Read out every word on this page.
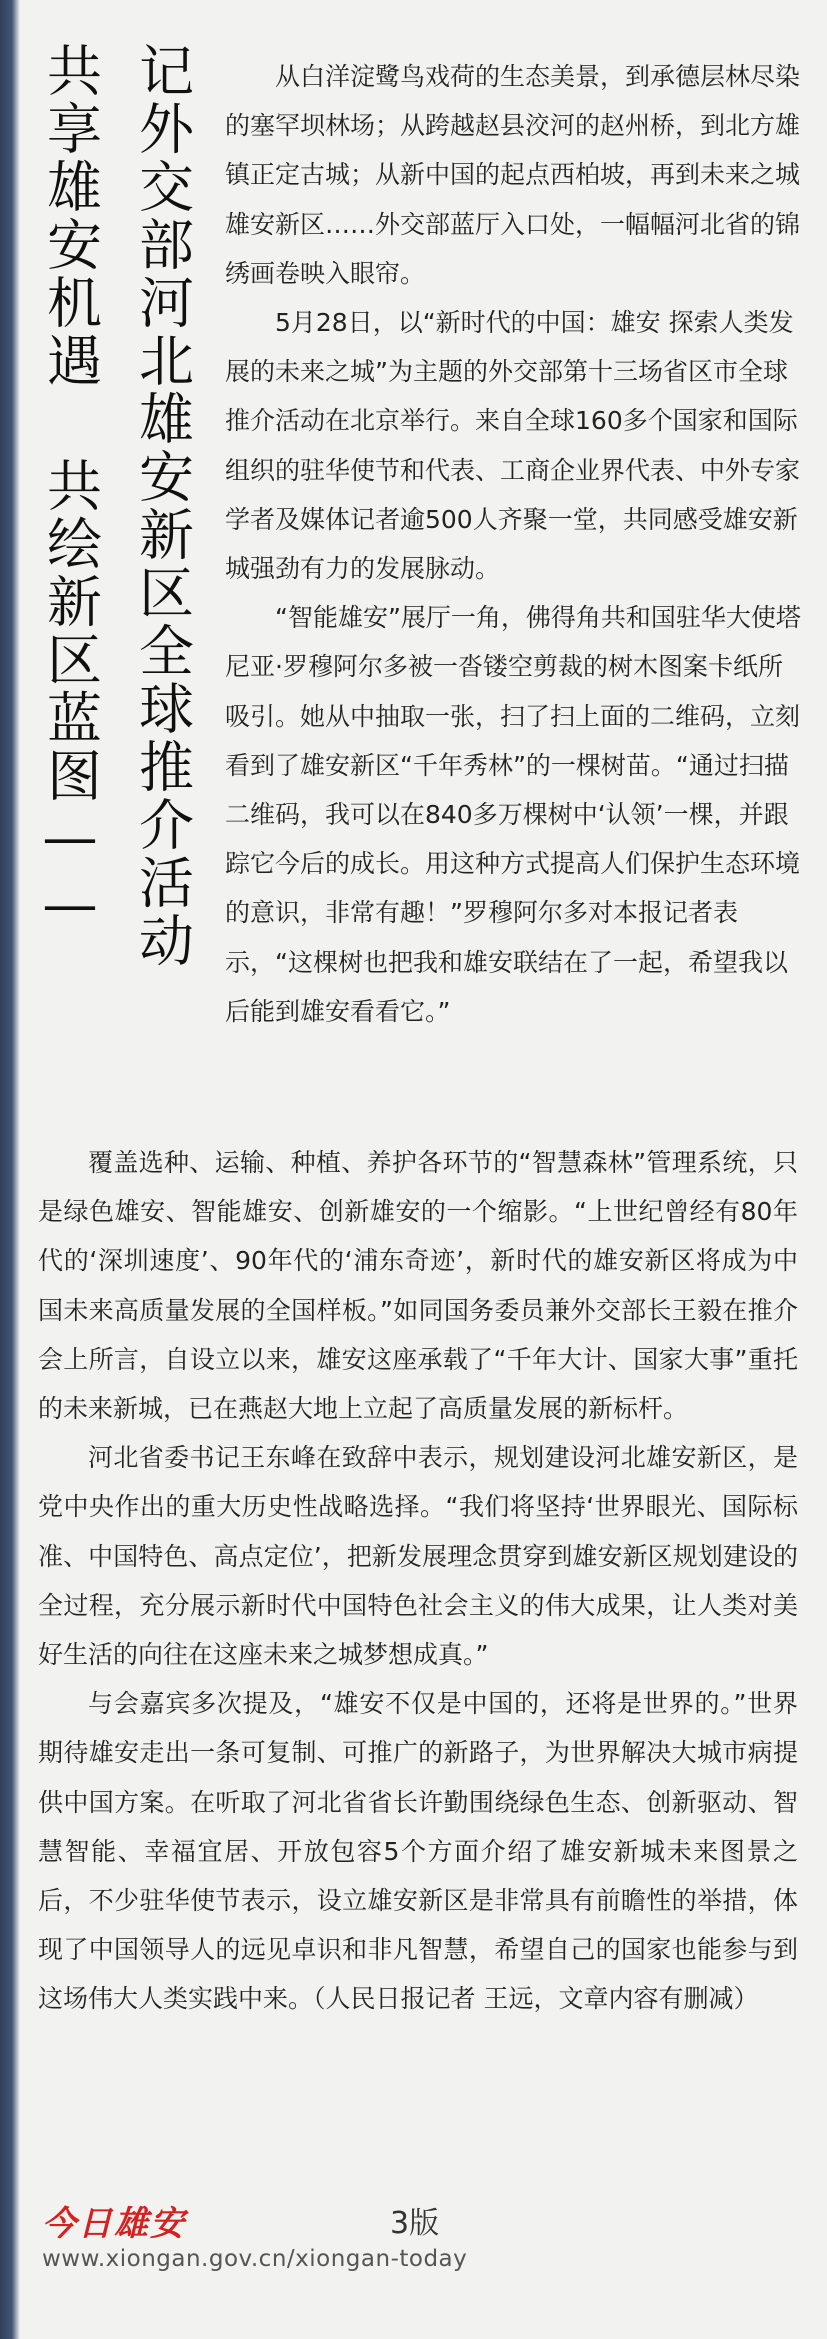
记外交部河北雄安新区全球推介活动
共享雄安机遇 共绘新区蓝图——	从白洋淀鹭鸟戏荷的生态美景，到承德层林尽染的塞罕坝林场；从跨越赵县洨河的赵州桥，到北方雄镇正定古城；从新中国的起点西柏坡，再到未来之城雄安新区……外交部蓝厅入口处，一幅幅河北省的锦绣画卷映入眼帘。

5月28日，以“新时代的中国：雄安 探索人类发展的未来之城”为主题的外交部第十三场省区市全球推介活动在北京举行。来自全球160多个国家和国际组织的驻华使节和代表、工商企业界代表、中外专家学者及媒体记者逾500人齐聚一堂，共同感受雄安新城强劲有力的发展脉动。

“智能雄安”展厅一角，佛得角共和国驻华大使塔尼亚·罗穆阿尔多被一沓镂空剪裁的树木图案卡纸所吸引。她从中抽取一张，扫了扫上面的二维码，立刻看到了雄安新区“千年秀林”的一棵树苗。“通过扫描二维码，我可以在840多万棵树中‘认领’一棵，并跟踪它今后的成长。用这种方式提高人们保护生态环境的意识，非常有趣！”罗穆阿尔多对本报记者表示，“这棵树也把我和雄安联结在了一起，希望我以后能到雄安看看它。”

覆盖选种、运输、种植、养护各环节的“智慧森林”管理系统，只是绿色雄安、智能雄安、创新雄安的一个缩影。“上世纪曾经有80年代的‘深圳速度’、90年代的‘浦东奇迹’，新时代的雄安新区将成为中国未来高质量发展的全国样板。”如同国务委员兼外交部长王毅在推介会上所言，自设立以来，雄安这座承载了“千年大计、国家大事”重托的未来新城，已在燕赵大地上立起了高质量发展的新标杆。

河北省委书记王东峰在致辞中表示，规划建设河北雄安新区，是党中央作出的重大历史性战略选择。“我们将坚持‘世界眼光、国际标准、中国特色、高点定位’，把新发展理念贯穿到雄安新区规划建设的全过程，充分展示新时代中国特色社会主义的伟大成果，让人类对美好生活的向往在这座未来之城梦想成真。”

与会嘉宾多次提及，“雄安不仅是中国的，还将是世界的。”世界期待雄安走出一条可复制、可推广的新路子，为世界解决大城市病提供中国方案。在听取了河北省省长许勤围绕绿色生态、创新驱动、智慧智能、幸福宜居、开放包容5个方面介绍了雄安新城未来图景之后，不少驻华使节表示，设立雄安新区是非常具有前瞻性的举措，体现了中国领导人的远见卓识和非凡智慧，希望自己的国家也能参与到这场伟大人类实践中来。（人民日报记者 王远，文章内容有删减）

今日雄安	3版
www.xiongan.gov.cn/xiongan-today
